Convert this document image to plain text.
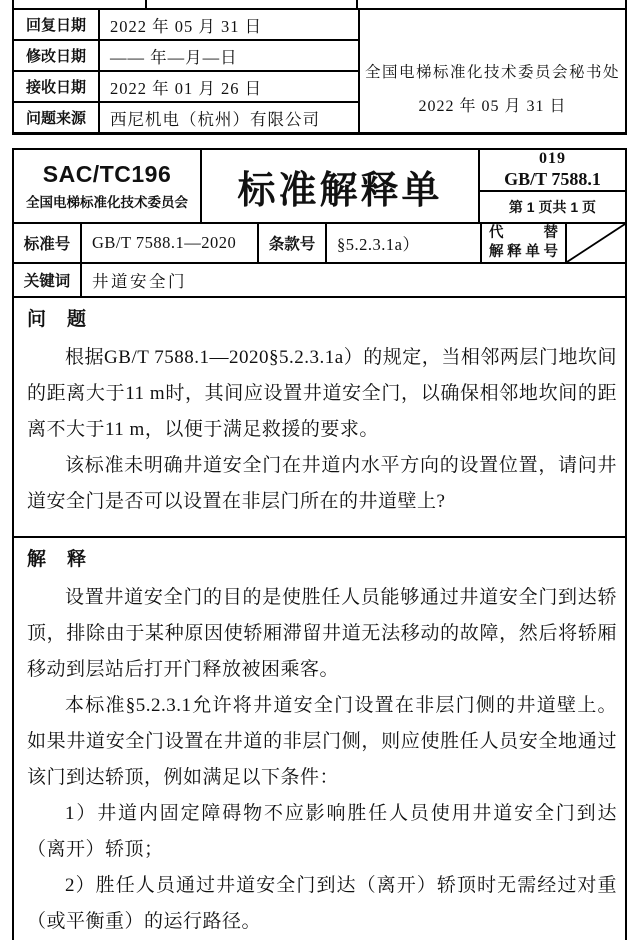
回复日期	2022 年 05 月 31 日
修改日期	—— 年—月—日
接收日期	2022 年 01 月 26 日
问题来源	西尼机电（杭州）有限公司
全国电梯标准化技术委员会秘书处
2022 年 05 月 31 日
SAC/TC196
全国电梯标准化技术委员会 标准解释单
019
GB/T 7588.1
第 1 页共 1 页
标准号	GB/T 7588.1—2020	条款号	§5.2.3.1a）
代　替
解释单号
关键词	井道安全门
问　题

根据GB/T 7588.1—2020§5.2.3.1a）的规定，当相邻两层门地坎间的距离大于11 m时，其间应设置井道安全门，以确保相邻地坎间的距离不大于11 m，以便于满足救援的要求。

该标准未明确井道安全门在井道内水平方向的设置位置，请问井道安全门是否可以设置在非层门所在的井道壁上?

解　释

设置井道安全门的目的是使胜任人员能够通过井道安全门到达轿顶，排除由于某种原因使轿厢滞留井道无法移动的故障，然后将轿厢移动到层站后打开门释放被困乘客。

本标准§5.2.3.1允许将井道安全门设置在非层门侧的井道壁上。如果井道安全门设置在井道的非层门侧，则应使胜任人员安全地通过该门到达轿顶，例如满足以下条件：

1）井道内固定障碍物不应影响胜任人员使用井道安全门到达（离开）轿顶；

2）胜任人员通过井道安全门到达（离开）轿顶时无需经过对重（或平衡重）的运行路径。
